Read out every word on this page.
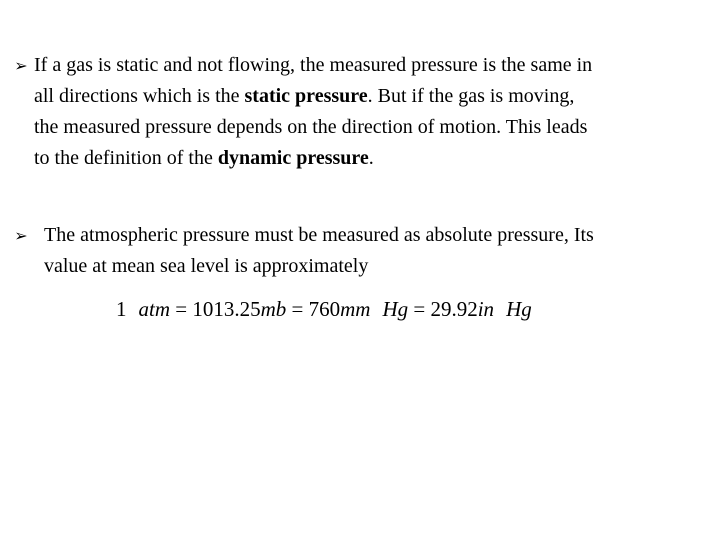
➢ If a gas is static and not flowing, the measured pressure is the same in
all directions which is the static pressure. But if the gas is moving,
the measured pressure depends on the direction of motion. This leads
to the definition of the dynamic pressure.
➢ The atmospheric pressure must be measured as absolute pressure, Its
value at mean sea level is approximately
1 atm = 1013.25mb = 760mm Hg = 29.92in Hg
